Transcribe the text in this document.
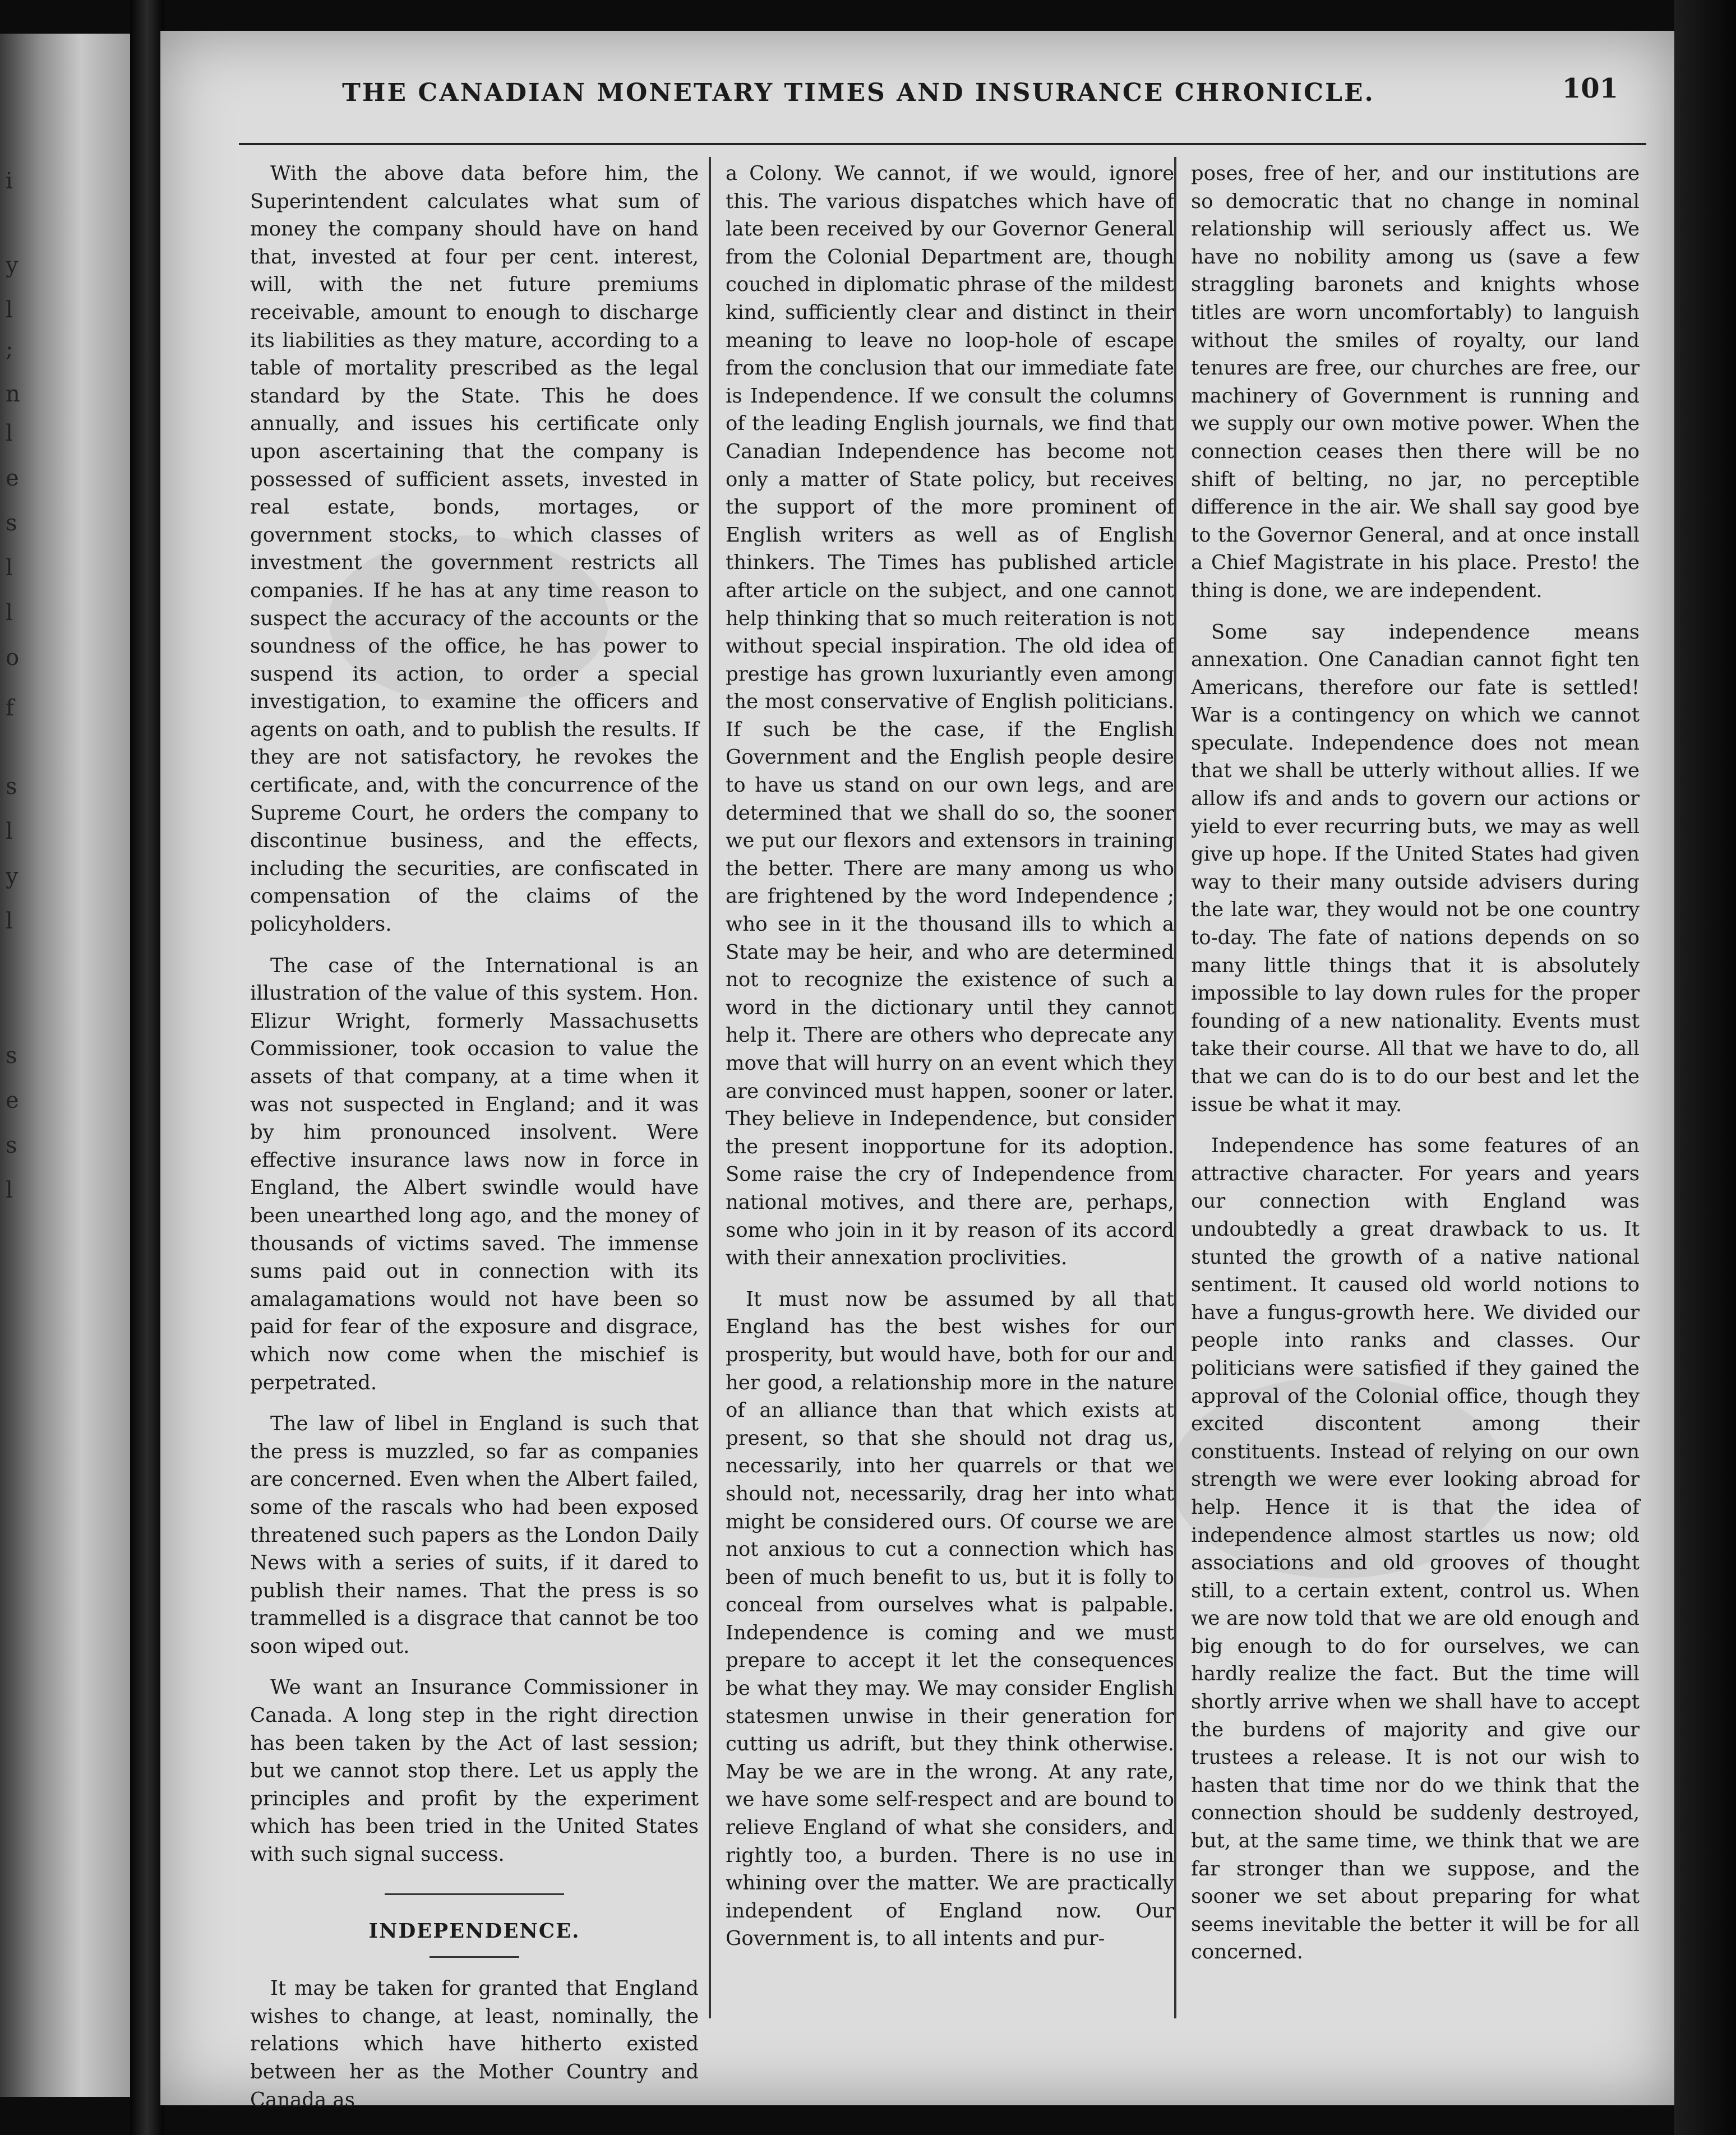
i
y
l
;
n
l
e
s
l
l
o
f
s
l
y
l
s
e
s
l
THE CANADIAN MONETARY TIMES AND INSURANCE CHRONICLE.	101

With the above data before him, the Superintendent calculates what sum of money the company should have on hand that, invested at four per cent. interest, will, with the net future premiums receivable, amount to enough to discharge its liabilities as they mature, according to a table of mortality prescribed as the legal standard by the State. This he does annually, and issues his certificate only upon ascertaining that the company is possessed of sufficient assets, invested in real estate, bonds, mortages, or government stocks, to which classes of investment the government restricts all companies. If he has at any time reason to suspect the accuracy of the accounts or the soundness of the office, he has power to suspend its action, to order a special investigation, to examine the officers and agents on oath, and to publish the results. If they are not satisfactory, he revokes the certificate, and, with the concurrence of the Supreme Court, he orders the company to discontinue business, and the effects, including the securities, are confiscated in compensation of the claims of the policyholders.

The case of the International is an illustration of the value of this system. Hon. Elizur Wright, formerly Massachusetts Commissioner, took occasion to value the assets of that company, at a time when it was not suspected in England; and it was by him pronounced insolvent. Were effective insurance laws now in force in England, the Albert swindle would have been unearthed long ago, and the money of thousands of victims saved. The immense sums paid out in connection with its amalagamations would not have been so paid for fear of the exposure and disgrace, which now come when the mischief is perpetrated.

The law of libel in England is such that the press is muzzled, so far as companies are concerned. Even when the Albert failed, some of the rascals who had been exposed threatened such papers as the London Daily News with a series of suits, if it dared to publish their names. That the press is so trammelled is a disgrace that cannot be too soon wiped out.

We want an Insurance Commissioner in Canada. A long step in the right direction has been taken by the Act of last session; but we cannot stop there. Let us apply the principles and profit by the experiment which has been tried in the United States with such signal success.

INDEPENDENCE.

It may be taken for granted that England wishes to change, at least, nominally, the relations which have hitherto existed between her as the Mother Country and Canada as

a Colony. We cannot, if we would, ignore this. The various dispatches which have of late been received by our Governor General from the Colonial Department are, though couched in diplomatic phrase of the mildest kind, sufficiently clear and distinct in their meaning to leave no loop-hole of escape from the conclusion that our immediate fate is Independence. If we consult the columns of the leading English journals, we find that Canadian Independence has become not only a matter of State policy, but receives the support of the more prominent of English writers as well as of English thinkers. The Times has published article after article on the subject, and one cannot help thinking that so much reiteration is not without special inspiration. The old idea of prestige has grown luxuriantly even among the most conservative of English politicians. If such be the case, if the English Government and the English people desire to have us stand on our own legs, and are determined that we shall do so, the sooner we put our flexors and extensors in training the better. There are many among us who are frightened by the word Independence ; who see in it the thousand ills to which a State may be heir, and who are determined not to recognize the existence of such a word in the dictionary until they cannot help it. There are others who deprecate any move that will hurry on an event which they are convinced must happen, sooner or later. They believe in Independence, but consider the present inopportune for its adoption. Some raise the cry of Independence from national motives, and there are, perhaps, some who join in it by reason of its accord with their annexation proclivities.

It must now be assumed by all that England has the best wishes for our prosperity, but would have, both for our and her good, a relationship more in the nature of an alliance than that which exists at present, so that she should not drag us, necessarily, into her quarrels or that we should not, necessarily, drag her into what might be considered ours. Of course we are not anxious to cut a connection which has been of much benefit to us, but it is folly to conceal from ourselves what is palpable. Independence is coming and we must prepare to accept it let the consequences be what they may. We may consider English statesmen unwise in their generation for cutting us adrift, but they think otherwise. May be we are in the wrong. At any rate, we have some self-respect and are bound to relieve England of what she considers, and rightly too, a burden. There is no use in whining over the matter. We are practically independent of England now. Our Government is, to all intents and pur-

poses, free of her, and our institutions are so democratic that no change in nominal relationship will seriously affect us. We have no nobility among us (save a few straggling baronets and knights whose titles are worn uncomfortably) to languish without the smiles of royalty, our land tenures are free, our churches are free, our machinery of Government is running and we supply our own motive power. When the connection ceases then there will be no shift of belting, no jar, no perceptible difference in the air. We shall say good bye to the Governor General, and at once install a Chief Magistrate in his place. Presto! the thing is done, we are independent.

Some say independence means annexation. One Canadian cannot fight ten Americans, therefore our fate is settled! War is a contingency on which we cannot speculate. Independence does not mean that we shall be utterly without allies. If we allow ifs and ands to govern our actions or yield to ever recurring buts, we may as well give up hope. If the United States had given way to their many outside advisers during the late war, they would not be one country to-day. The fate of nations depends on so many little things that it is absolutely impossible to lay down rules for the proper founding of a new nationality. Events must take their course. All that we have to do, all that we can do is to do our best and let the issue be what it may.

Independence has some features of an attractive character. For years and years our connection with England was undoubtedly a great drawback to us. It stunted the growth of a native national sentiment. It caused old world notions to have a fungus-growth here. We divided our people into ranks and classes. Our politicians were satisfied if they gained the approval of the Colonial office, though they excited discontent among their constituents. Instead of relying on our own strength we were ever looking abroad for help. Hence it is that the idea of independence almost startles us now; old associations and old grooves of thought still, to a certain extent, control us. When we are now told that we are old enough and big enough to do for ourselves, we can hardly realize the fact. But the time will shortly arrive when we shall have to accept the burdens of majority and give our trustees a release. It is not our wish to hasten that time nor do we think that the connection should be suddenly destroyed, but, at the same time, we think that we are far stronger than we suppose, and the sooner we set about preparing for what seems inevitable the better it will be for all concerned.
